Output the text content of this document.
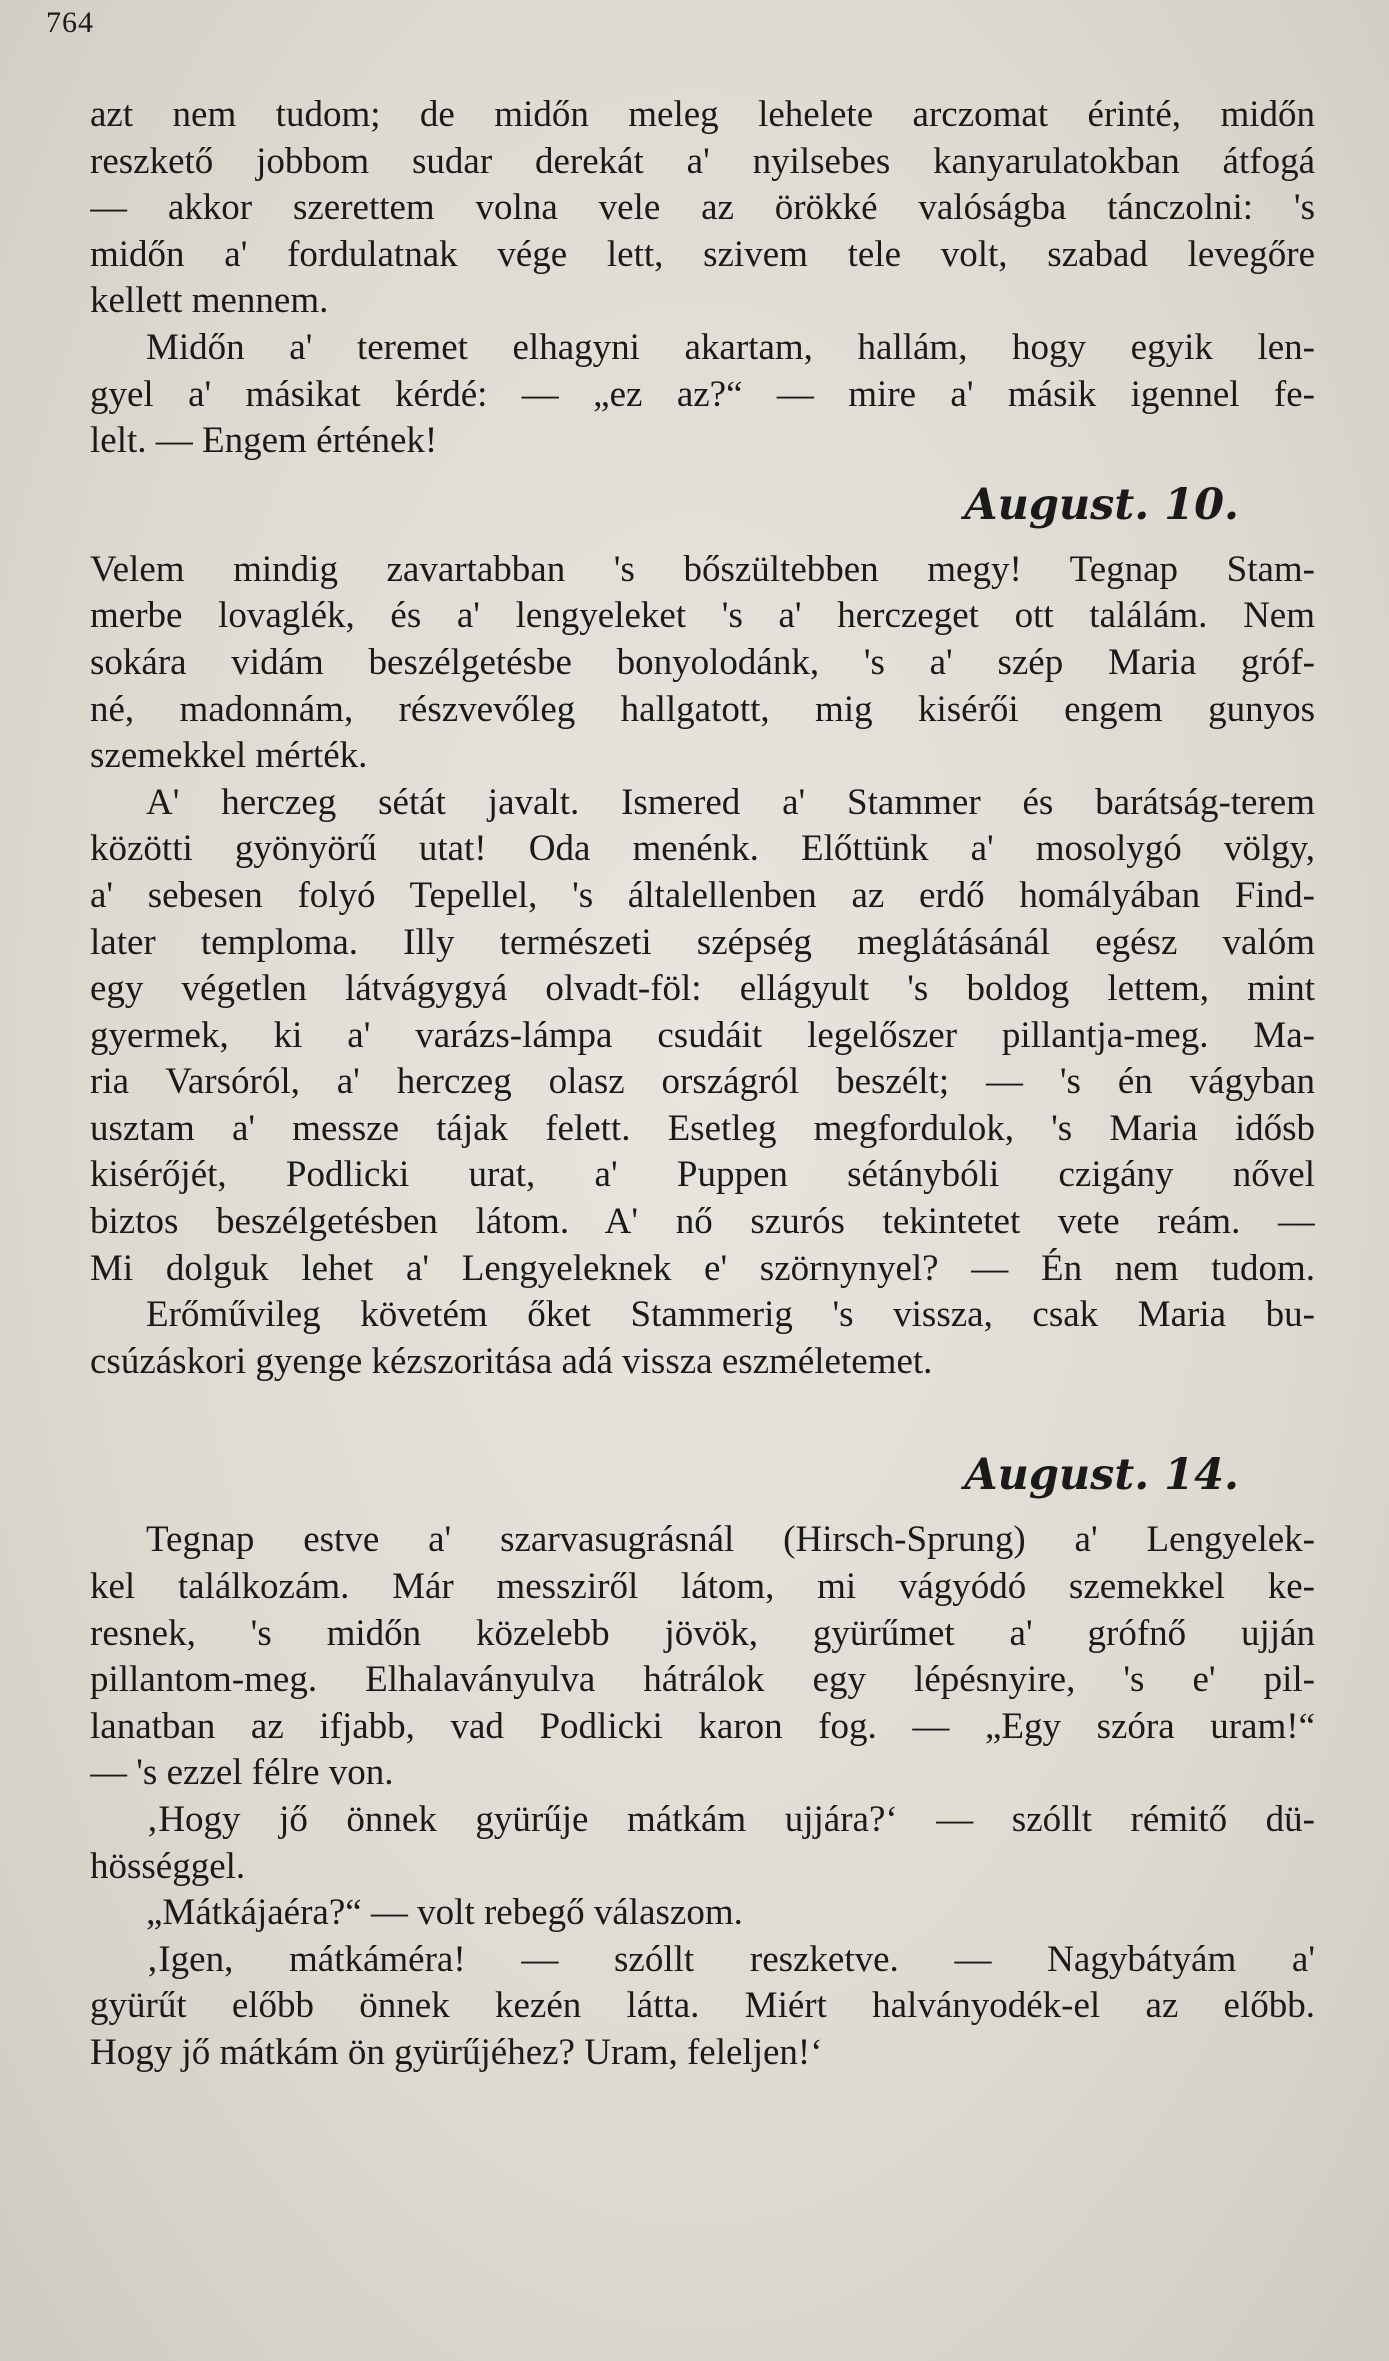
764
azt nem tudom; de midőn meleg lehelete arczomat érinté, midőn
reszkető jobbom sudar derekát a' nyilsebes kanyarulatokban átfogá
— akkor szerettem volna vele az örökké valóságba tánczolni: 's
midőn a' fordulatnak vége lett, szivem tele volt, szabad levegőre
kellett mennem.
Midőn a' teremet elhagyni akartam, hallám, hogy egyik len-
gyel a' másikat kérdé: — „ez az?“ — mire a' másik igennel fe-
lelt. — Engem értének!
August. 10.
Velem mindig zavartabban 's bőszültebben megy! Tegnap Stam-
merbe lovaglék, és a' lengyeleket 's a' herczeget ott találám. Nem
sokára vidám beszélgetésbe bonyolodánk, 's a' szép Maria gróf-
né, madonnám, részvevőleg hallgatott, mig kisérői engem gunyos
szemekkel mérték.
A' herczeg sétát javalt. Ismered a' Stammer és barátság-terem
közötti gyönyörű utat! Oda menénk. Előttünk a' mosolygó völgy,
a' sebesen folyó Tepellel, 's általellenben az erdő homályában Find-
later temploma. Illy természeti szépség meglátásánál egész valóm
egy végetlen látvágygyá olvadt-föl: ellágyult 's boldog lettem, mint
gyermek, ki a' varázs-lámpa csudáit legelőszer pillantja-meg. Ma-
ria Varsóról, a' herczeg olasz országról beszélt; — 's én vágyban
usztam a' messze tájak felett. Esetleg megfordulok, 's Maria idősb
kisérőjét, Podlicki urat, a' Puppen sétánybóli czigány nővel
biztos beszélgetésben látom. A' nő szurós tekintetet vete reám. —
Mi dolguk lehet a' Lengyeleknek e' szörnynyel? — Én nem tudom.
Erőművileg követém őket Stammerig 's vissza, csak Maria bu-
csúzáskori gyenge kézszoritása adá vissza eszméletemet.
August. 14.
Tegnap estve a' szarvasugrásnál (Hirsch-Sprung) a' Lengyelek-
kel találkozám. Már messziről látom, mi vágyódó szemekkel ke-
resnek, 's midőn közelebb jövök, gyürűmet a' grófnő ujján
pillantom-meg. Elhalaványulva hátrálok egy lépésnyire, 's e' pil-
lanatban az ifjabb, vad Podlicki karon fog. — „Egy szóra uram!“
— 's ezzel félre von.
‚Hogy jő önnek gyürűje mátkám ujjára?‘ — szóllt rémitő dü-
hösséggel.
„Mátkájaéra?“ — volt rebegő válaszom.
‚Igen, mátkáméra! — szóllt reszketve. — Nagybátyám a'
gyürűt előbb önnek kezén látta. Miért halványodék-el az előbb.
Hogy jő mátkám ön gyürűjéhez? Uram, feleljen!‘
